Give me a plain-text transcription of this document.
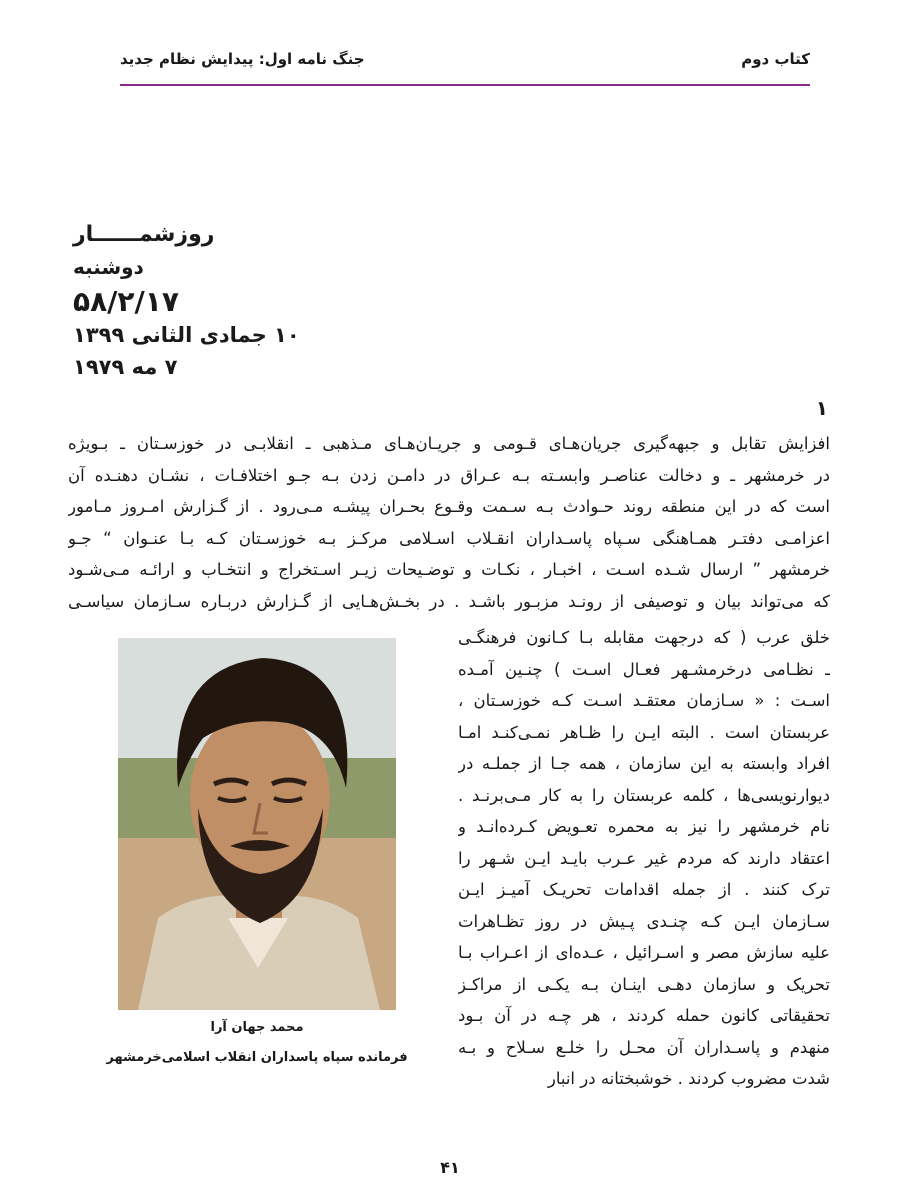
کتاب دوم
جنگ نامه اول: پیدایش نظام جدید
روزشمــــــار
دوشنبه
۵۸/۲/۱۷
۱۰ جمادی الثانی ۱۳۹۹
۷ مه ۱۹۷۹
۱
افزایش تقابل و جبهه‌گیری جریان‌هـای قـومی و جریـان‌هـای مـذهبی ـ انقلابـی در خوزسـتان ـ بـویژه
در خرمشهر ـ و دخالت عناصـر وابسـته بـه عـراق در دامـن زدن بـه جـو اختلافـات ، نشـان دهنـده آن
است که در این منطقه روند حـوادث بـه سـمت وقـوع بحـران پیشـه مـی‌رود . از گـزارش امـروز مـامور
اعزامـی دفتـر همـاهنگی سـپاه پاسـداران انقـلاب اسـلامی مرکـز بـه خوزسـتان کـه بـا عنـوان “ جـو
خرمشهر ” ارسال شـده اسـت ، اخبـار ، نکـات و توضـیحات زیـر اسـتخراج و انتخـاب و ارائـه مـی‌شـود
که می‌تواند بیان و توصیفی از رونـد مزبـور باشـد . در بخـش‌هـایی از گـزارش دربـاره سـازمان سیاسـی
خلق عرب ( که درجهت مقابله بـا کـانون فرهنگـی
ـ نظـامی درخرمشـهر فعـال اسـت ) چنـین آمـده
اسـت : « سـازمان معتقـد اسـت کـه خوزسـتان ،
عربستان است . البته ایـن را ظـاهر نمـی‌کنـد امـا
افراد وابسته به این سازمان ، همه جـا از جملـه در
دیوارنویسی‌ها ، کلمه عربستان را به کار مـی‌برنـد .
نام خرمشهر را نیز به محمره تعـویض کـرده‌انـد و
اعتقاد دارند که مردم غیر عـرب بایـد ایـن شـهر را
ترک کنند . از جمله اقدامات تحریـک آمیـز ایـن
سـازمان ایـن کـه چنـدی پـیش در روز تظـاهرات
علیه سازش مصر و اسـرائیل ، عـده‌ای از اعـراب بـا
تحریک و سازمان دهـی اینـان بـه یکـی از مراکـز
تحقیقاتی کانون حمله کردند ، هر چـه در آن بـود
منهدم و پاسـداران آن محـل را خلـع سـلاح و بـه
شدت مضروب کردند . خوشبختانه در انبار
محمد جهان آرا
فرمانده سپاه پاسداران انقلاب اسلامی‌خرمشهر
۴۱
